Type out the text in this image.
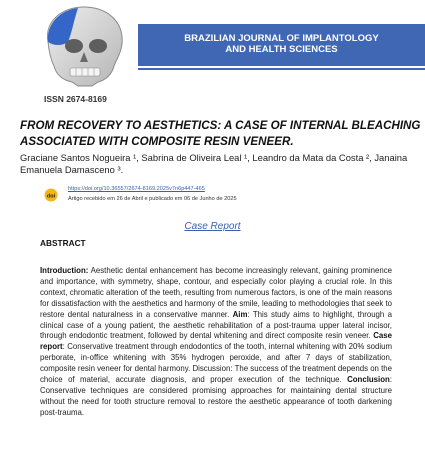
BRAZILIAN JOURNAL OF IMPLANTOLOGY
AND HEALTH SCIENCES
ISSN 2674-8169
FROM RECOVERY TO AESTHETICS: A CASE OF INTERNAL BLEACHING
ASSOCIATED WITH COMPOSITE RESIN VENEER.
Graciane Santos Nogueira ¹, Sabrina de Oliveira Leal ¹, Leandro da Mata da Costa ², Janaina
Emanuela Damasceno ³.
doi
https://doi.org/10.36557/2674-8169.2025v7n6p447-465
Artigo recebido em 26 de Abril e publicado em 06 de Junho de 2025
Case Report
ABSTRACT
Introduction: Aesthetic dental enhancement has become increasingly relevant, gaining prominence and importance, with symmetry, shape, contour, and especially color playing a crucial role. In this context, chromatic alteration of the teeth, resulting from numerous factors, is one of the main reasons for dissatisfaction with the aesthetics and harmony of the smile, leading to methodologies that seek to restore dental naturalness in a conservative manner. Aim: This study aims to highlight, through a clinical case of a young patient, the aesthetic rehabilitation of a post-trauma upper lateral incisor, through endodontic treatment, followed by dental whitening and direct composite resin veneer. Case report: Conservative treatment through endodontics of the tooth, internal whitening with 20% sodium perborate, in-office whitening with 35% hydrogen peroxide, and after 7 days of stabilization, composite resin veneer for dental harmony. Discussion: The success of the treatment depends on the choice of material, accurate diagnosis, and proper execution of the technique. Conclusion: Conservative techniques are considered promising approaches for maintaining dental structure without the need for tooth structure removal to restore the aesthetic appearance of tooth darkening post-trauma.
